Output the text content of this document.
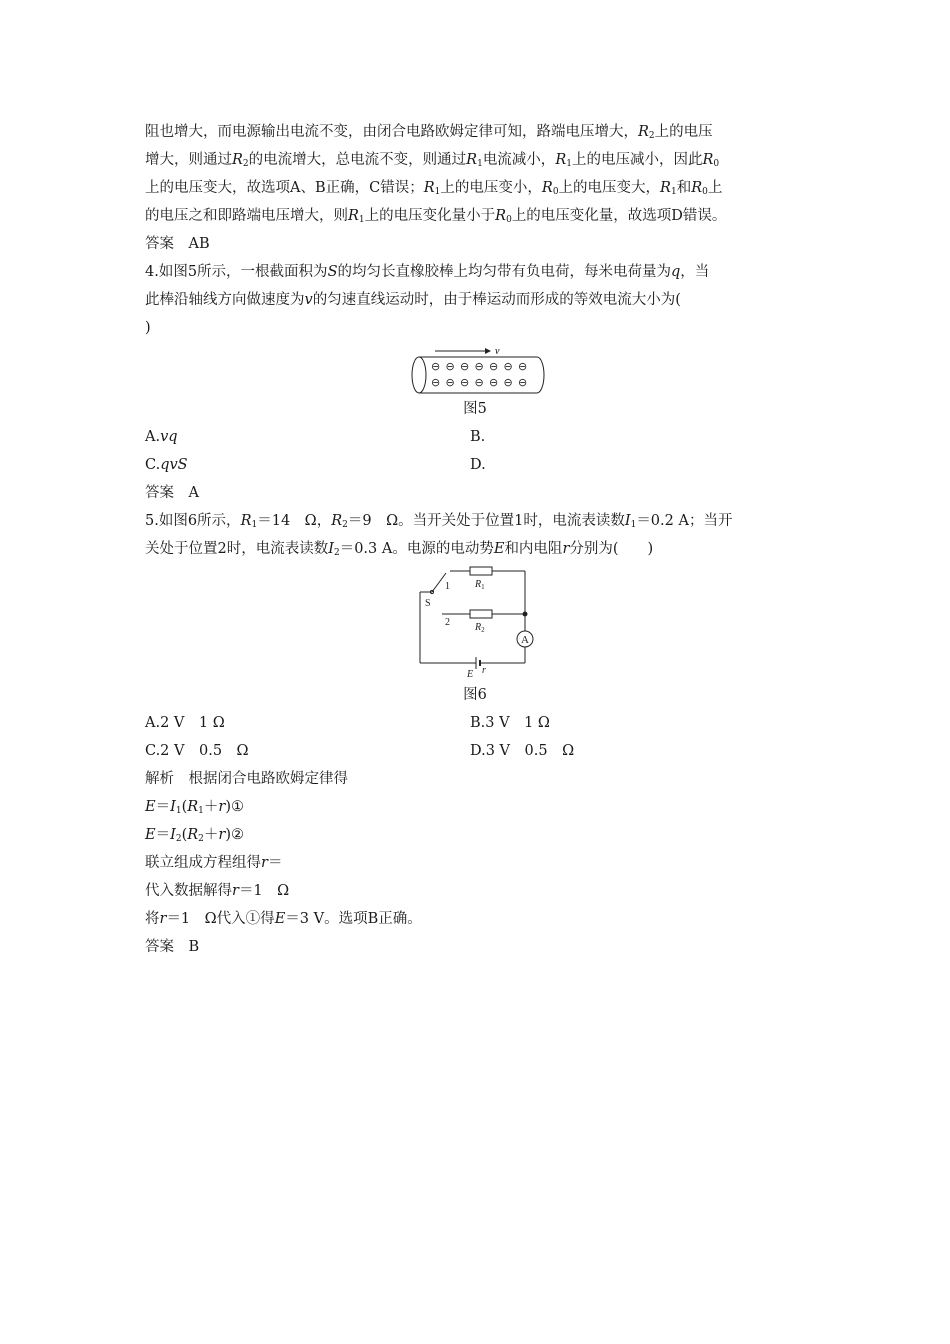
阻也增大，而电源输出电流不变，由闭合电路欧姆定律可知，路端电压增大，$R_2$上的电压
增大，则通过$R_2$的电流增大，总电流不变，则通过$R_1$电流减小，$R_1$上的电压减小，因此$R_0$
上的电压变大，故选项A、B正确，C错误；$R_1$上的电压变小，$R_0$上的电压变大，$R_1$和$R_0$上
的电压之和即路端电压增大，则$R_1$上的电压变化量小于$R_0$上的电压变化量，故选项D错误。
答案　AB
4.如图5所示，一根截面积为S的均匀长直橡胶棒上均匀带有负电荷，每米电荷量为q，当
此棒沿轴线方向做速度为v的匀速直线运动时，由于棒运动而形成的等效电流大小为(
)
v
⊖ ⊖ ⊖ ⊖ ⊖ ⊖ ⊖
⊖ ⊖ ⊖ ⊖ ⊖ ⊖ ⊖
图5
A.vq	B.
C.qvS	D.
答案　A
5.如图6所示，$R_1=14$　Ω，$R_2=9$　Ω。当开关处于位置1时，电流表读数$I_1=0.2$ A；当开
关处于位置2时，电流表读数$I_2=0.3$ A。电源的电动势E和内电阻r分别为(　　)
A
1
2
S
$R_1$
$R_2$
E r
图6
A.2 V　1 Ω	B.3 V　1 Ω
C.2 V　0.5　Ω	D.3 V　0.5　Ω
解析　根据闭合电路欧姆定律得
$E=I_1(R_1+r)①$
$E=I_2(R_2+r)②$
联立组成方程组得r＝
代入数据解得r＝1　Ω
将r＝1　Ω代入①得E＝3 V。选项B正确。
答案　B
